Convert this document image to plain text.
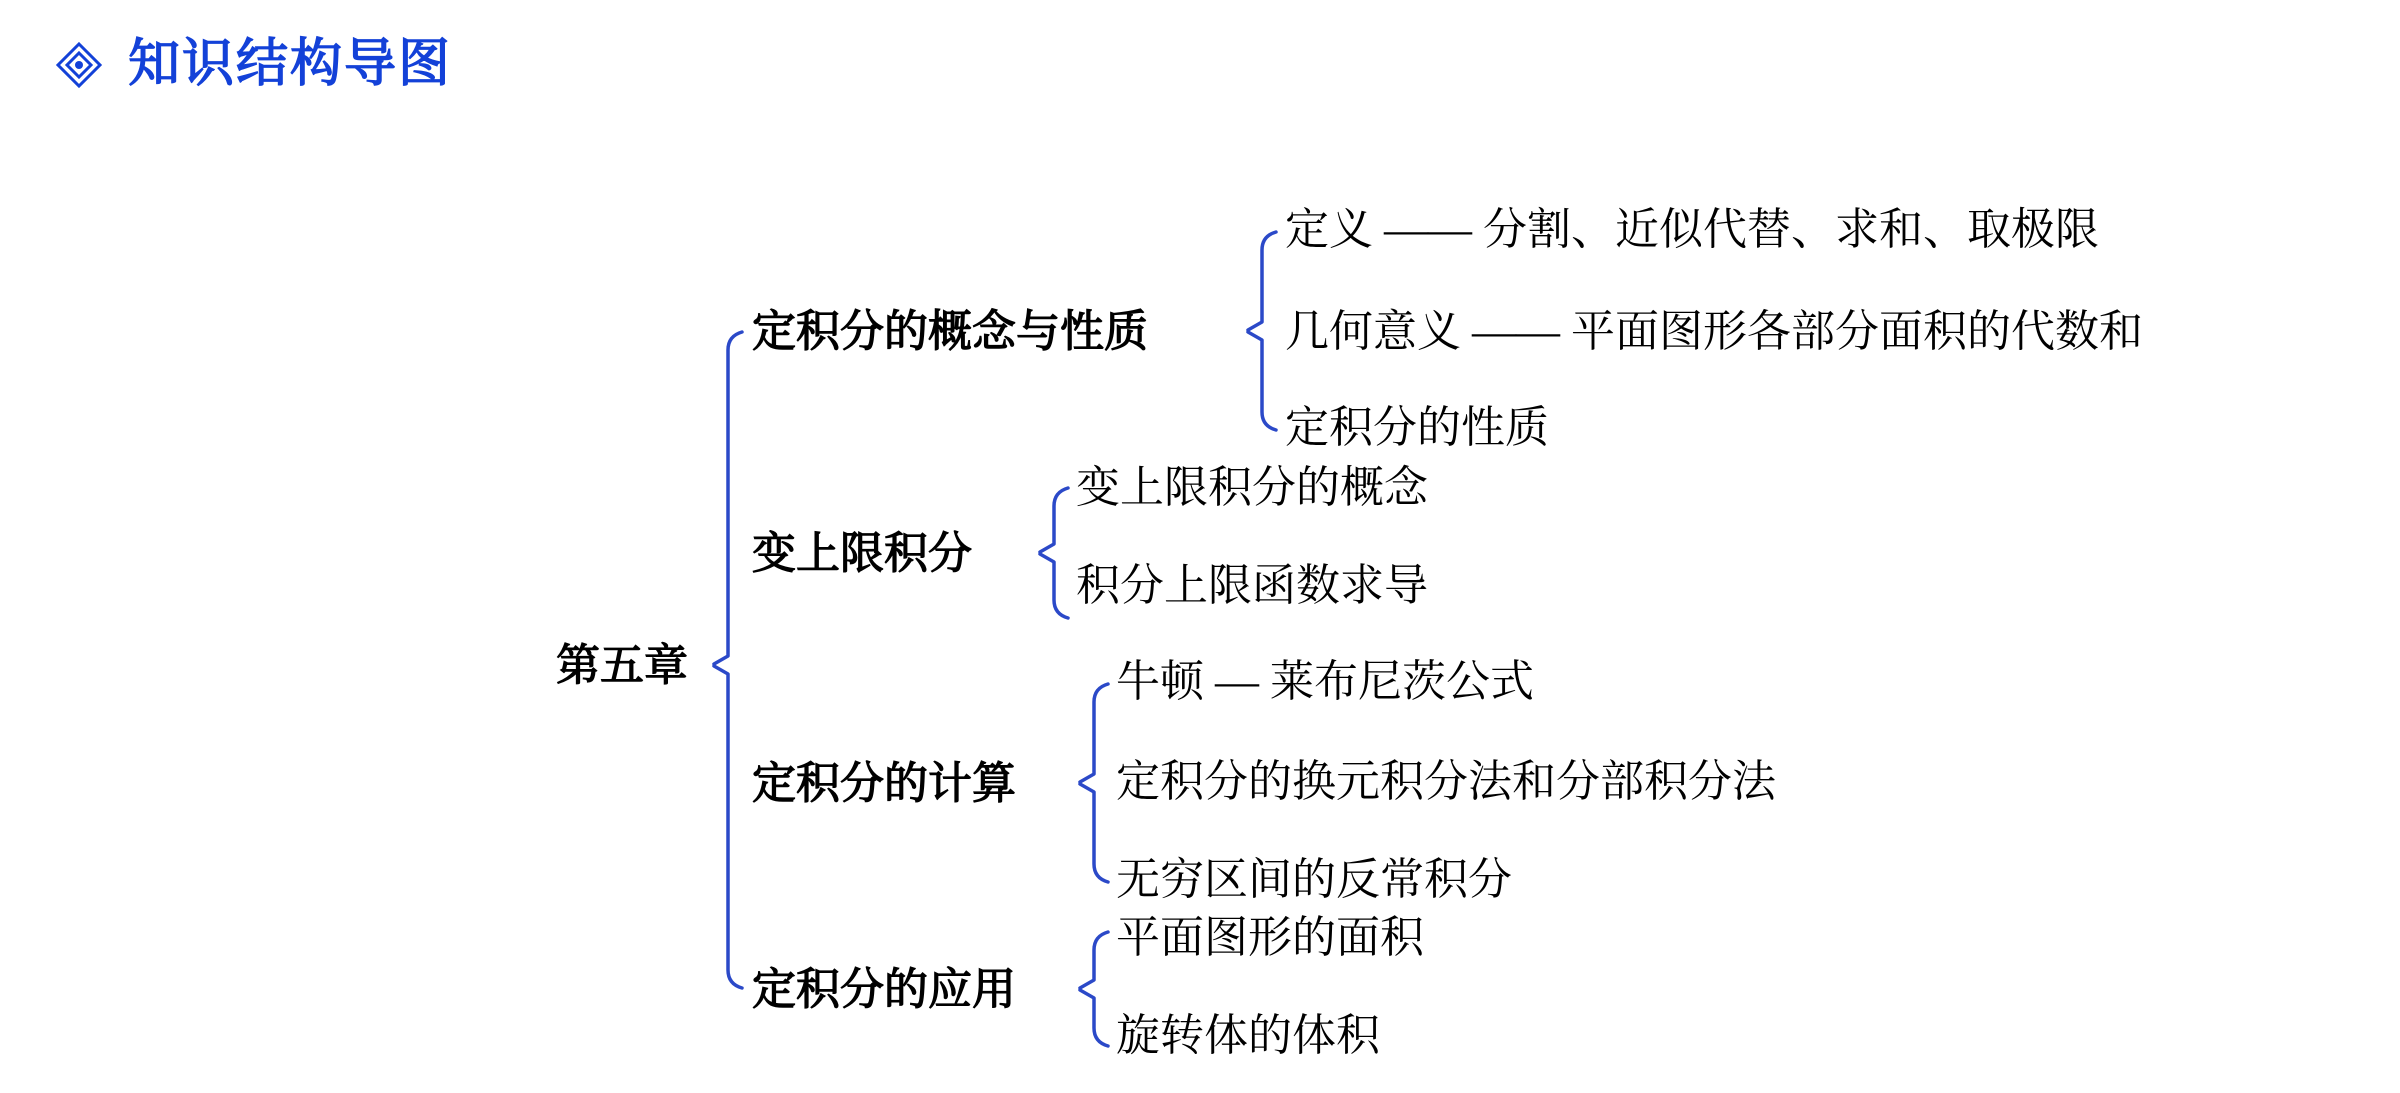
知识结构导图
第五章
定积分的概念与性质
定义 —— 分割、近似代替、求和、取极限
几何意义 —— 平面图形各部分面积的代数和
定积分的性质
变上限积分
变上限积分的概念
积分上限函数求导
定积分的计算
牛顿 — 莱布尼茨公式
定积分的换元积分法和分部积分法
无穷区间的反常积分
定积分的应用
平面图形的面积
旋转体的体积
